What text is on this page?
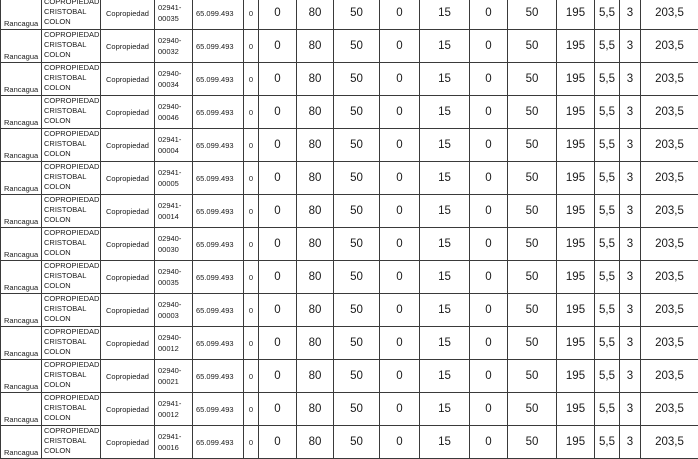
Rancagua	COPROPIEDAD CRISTOBAL COLON	Copropiedad	02941-00035	65.099.493	0	0	80	50	0	15	0	50	195	5,5	3	203,5
Rancagua	COPROPIEDAD CRISTOBAL COLON	Copropiedad	02940-00032	65.099.493	0	0	80	50	0	15	0	50	195	5,5	3	203,5
Rancagua	COPROPIEDAD CRISTOBAL COLON	Copropiedad	02940-00034	65.099.493	0	0	80	50	0	15	0	50	195	5,5	3	203,5
Rancagua	COPROPIEDAD CRISTOBAL COLON	Copropiedad	02940-00046	65.099.493	0	0	80	50	0	15	0	50	195	5,5	3	203,5
Rancagua	COPROPIEDAD CRISTOBAL COLON	Copropiedad	02941-00004	65.099.493	0	0	80	50	0	15	0	50	195	5,5	3	203,5
Rancagua	COPROPIEDAD CRISTOBAL COLON	Copropiedad	02941-00005	65.099.493	0	0	80	50	0	15	0	50	195	5,5	3	203,5
Rancagua	COPROPIEDAD CRISTOBAL COLON	Copropiedad	02941-00014	65.099.493	0	0	80	50	0	15	0	50	195	5,5	3	203,5
Rancagua	COPROPIEDAD CRISTOBAL COLON	Copropiedad	02940-00030	65.099.493	0	0	80	50	0	15	0	50	195	5,5	3	203,5
Rancagua	COPROPIEDAD CRISTOBAL COLON	Copropiedad	02940-00035	65.099.493	0	0	80	50	0	15	0	50	195	5,5	3	203,5
Rancagua	COPROPIEDAD CRISTOBAL COLON	Copropiedad	02940-00003	65.099.493	0	0	80	50	0	15	0	50	195	5,5	3	203,5
Rancagua	COPROPIEDAD CRISTOBAL COLON	Copropiedad	02940-00012	65.099.493	0	0	80	50	0	15	0	50	195	5,5	3	203,5
Rancagua	COPROPIEDAD CRISTOBAL COLON	Copropiedad	02940-00021	65.099.493	0	0	80	50	0	15	0	50	195	5,5	3	203,5
Rancagua	COPROPIEDAD CRISTOBAL COLON	Copropiedad	02941-00012	65.099.493	0	0	80	50	0	15	0	50	195	5,5	3	203,5
Rancagua	COPROPIEDAD CRISTOBAL COLON	Copropiedad	02941-00016	65.099.493	0	0	80	50	0	15	0	50	195	5,5	3	203,5
